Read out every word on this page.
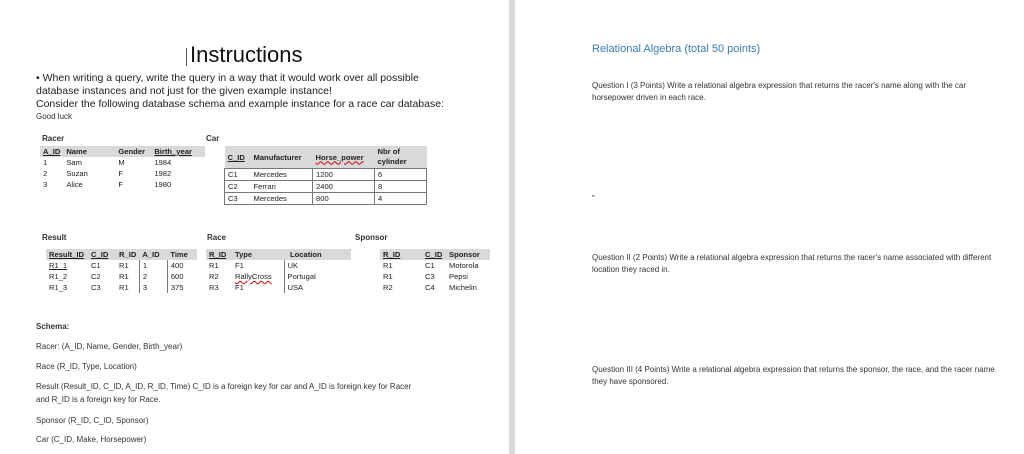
Instructions
• When writing a query, write the query in a way that it would work over all possible
database instances and not just for the given example instance!
Consider the following database schema and example instance for a race car database:
Good luck
Racer
A_ID	Name	Gender	Birth_year
1	Sam	M	1984
2	Suzan	F	1982
3	Alice	F	1980
Car
C_ID	Manufacturer	Horse_power	Nbr of
cylinder

C1	Mercedes	1200	6
C2	Ferrari	2400	8
C3	Mercedes	800	4
Result
Result_ID	C_ID	R_ID	A_ID	Time
R1_1	C1	R1	1	400
R1_2	C2	R1	2	600
R1_3	C3	R1	3	375
Race
R_ID	Type	Location
R1	F1	UK
R2	RallyCross	Portugal
R3	F1	USA
Sponsor
R_ID	C_ID	Sponsor
R1	C1	Motorola
R1	C3	Pepsi
R2	C4	Michelin
Schema:
Racer: (A_ID, Name, Gender, Birth_year)
Race (R_ID, Type, Location)
Result (Result_ID, C_ID, A_ID, R_ID, Time) C_ID is a foreign key for car and A_ID is foreign key for Racer
and R_ID is a foreign key for Race.
Sponsor (R_ID, C_ID, Sponsor)
Car (C_ID, Make, Horsepower)
Relational Algebra (total 50 points)
Question I (3 Points) Write a relational algebra expression that returns the racer's name along with the car horsepower driven in each race.
"
Question II (2 Points) Write a relational algebra expression that returns the racer's name associated with different location they raced in.
Question III (4 Points) Write a relational algebra expression that returns the sponsor, the race, and the racer name they have sponsored.
